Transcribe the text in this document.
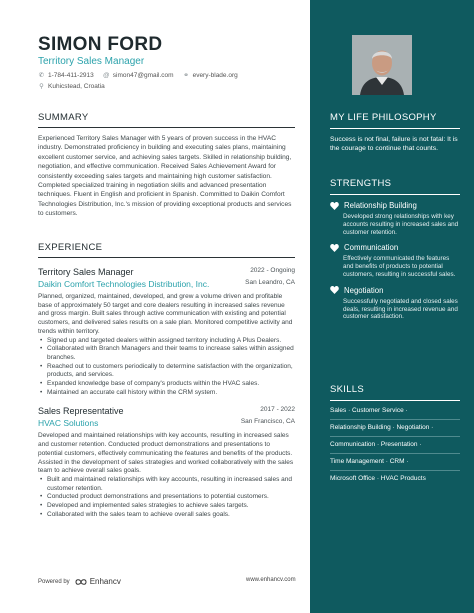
SIMON FORD
Territory Sales Manager
✆ 1-784-411-2913 @ simon47@gmail.com ⚭ every-blade.org
⚲ Kuhicstead, Croatia
SUMMARY
Experienced Territory Sales Manager with 5 years of proven success in the HVAC industry. Demonstrated proficiency in building and executing sales plans, maintaining excellent customer service, and achieving sales targets. Skilled in relationship building, negotiation, and effective communication. Received Sales Achievement Award for consistently exceeding sales targets and maintaining high customer satisfaction. Completed specialized training in negotiation skills and advanced presentation techniques. Fluent in English and proficient in Spanish. Committed to Daikin Comfort Technologies Distribution, Inc.'s mission of providing exceptional products and services to customers.
EXPERIENCE
Territory Sales Manager	2022 - Ongoing
Daikin Comfort Technologies Distribution, Inc.	San Leandro, CA
Planned, organized, maintained, developed, and grew a volume driven and profitable base of approximately 50 target and core dealers resulting in increased sales revenue and gross margin. Built sales through active communication with existing and potential customers, and delivered sales results on a sale plan. Monitored competitive activity and trends within territory.
• Signed up and targeted dealers within assigned territory including A Plus Dealers.
• Collaborated with Branch Managers and their teams to increase sales within assigned branches.
• Reached out to customers periodically to determine satisfaction with the organization, products, and services.
• Expanded knowledge base of company's products within the HVAC sales.
• Maintained an accurate call history within the CRM system.
Sales Representative	2017 - 2022
HVAC Solutions	San Francisco, CA
Developed and maintained relationships with key accounts, resulting in increased sales and customer retention. Conducted product demonstrations and presentations to potential customers, effectively communicating the features and benefits of the products. Assisted in the development of sales strategies and worked collaboratively with the sales team to achieve overall sales goals.
• Built and maintained relationships with key accounts, resulting in increased sales and customer retention.
• Conducted product demonstrations and presentations to potential customers.
• Developed and implemented sales strategies to achieve sales targets.
• Collaborated with the sales team to achieve overall sales goals.
Powered by	Enhancv	www.enhancv.com
MY LIFE PHILOSOPHY
Success is not final, failure is not fatal: It is the courage to continue that counts.
STRENGTHS
Relationship Building
Developed strong relationships with key accounts resulting in increased sales and customer retention.
Communication
Effectively communicated the features and benefits of products to potential customers, resulting in successful sales.
Negotiation
Successfully negotiated and closed sales deals, resulting in increased revenue and customer satisfaction.
SKILLS
Sales · Customer Service ·
Relationship Building · Negotiation ·
Communication · Presentation ·
Time Management · CRM ·
Microsoft Office · HVAC Products
